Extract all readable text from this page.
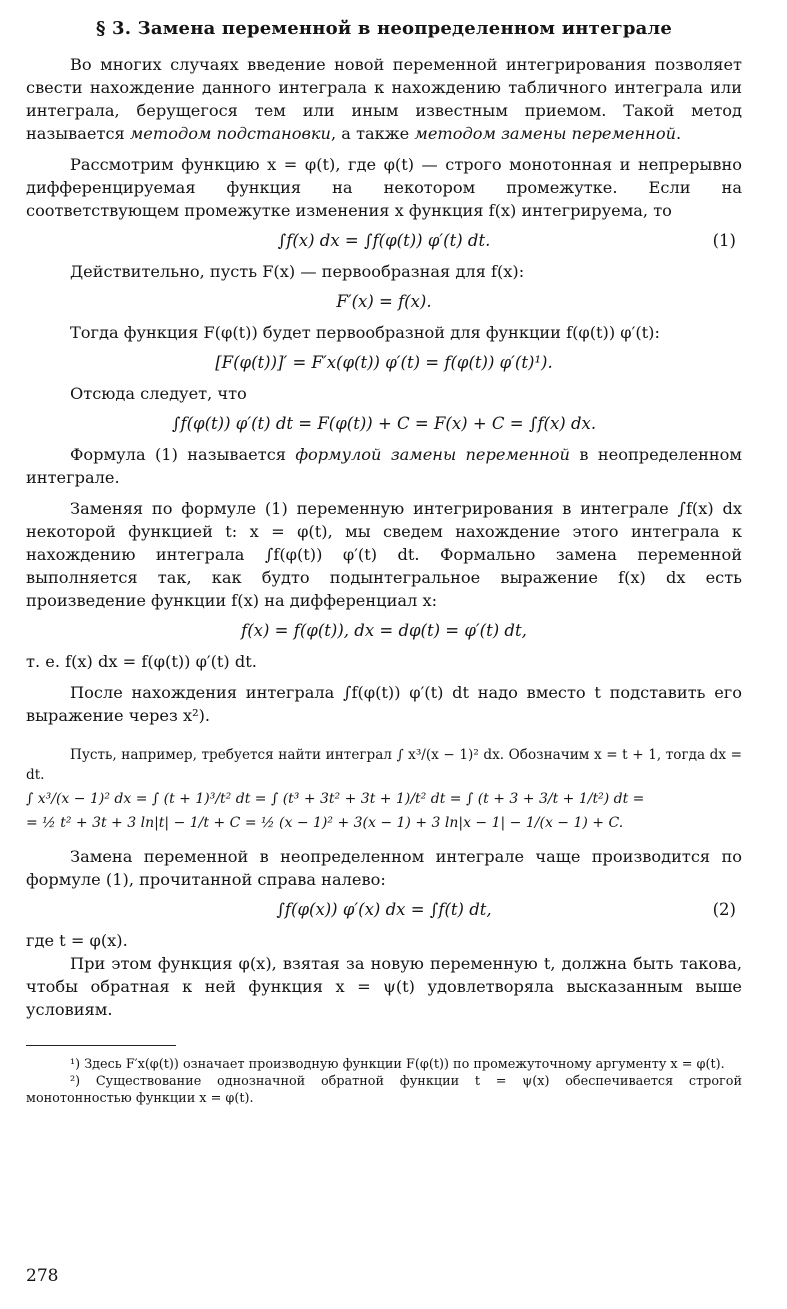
§ 3. Замена переменной в неопределенном интеграле

Во многих случаях введение новой переменной интегрирования позволяет свести нахождение данного интеграла к нахождению табличного интеграла или интеграла, берущегося тем или иным известным приемом. Такой метод называется методом подстановки, а также методом замены переменной.

Рассмотрим функцию x = φ(t), где φ(t) — строго монотонная и непрерывно дифференцируемая функция на некотором промежутке. Если на соответствующем промежутке изменения x функция f(x) интегрируема, то

∫f(x) dx = ∫f(φ(t)) φ′(t) dt.	(1)

Действительно, пусть F(x) — первообразная для f(x):

F′(x) = f(x).

Тогда функция F(φ(t)) будет первообразной для функции f(φ(t)) φ′(t):

[F(φ(t))]′ = F′x(φ(t)) φ′(t) = f(φ(t)) φ′(t)¹).

Отсюда следует, что

∫f(φ(t)) φ′(t) dt = F(φ(t)) + C = F(x) + C = ∫f(x) dx.

Формула (1) называется формулой замены переменной в неопределенном интеграле.

Заменяя по формуле (1) переменную интегрирования в интеграле ∫f(x) dx некоторой функцией t: x = φ(t), мы сведем нахождение этого интеграла к нахождению интеграла ∫f(φ(t)) φ′(t) dt. Формально замена переменной выполняется так, как будто подынтегральное выражение f(x) dx есть произведение функции f(x) на дифференциал x:

f(x) = f(φ(t)), dx = dφ(t) = φ′(t) dt,

т. е. f(x) dx = f(φ(t)) φ′(t) dt.

После нахождения интеграла ∫f(φ(t)) φ′(t) dt надо вместо t подставить его выражение через x²).

Пусть, например, требуется найти интеграл ∫ x³/(x − 1)² dx. Обозначим x = t + 1, тогда dx = dt.

∫ x³/(x − 1)² dx = ∫ (t + 1)³/t² dt = ∫ (t³ + 3t² + 3t + 1)/t² dt = ∫ (t + 3 + 3/t + 1/t²) dt =
= ½ t² + 3t + 3 ln|t| − 1/t + C = ½ (x − 1)² + 3(x − 1) + 3 ln|x − 1| − 1/(x − 1) + C.

Замена переменной в неопределенном интеграле чаще производится по формуле (1), прочитанной справа налево:

∫f(φ(x)) φ′(x) dx = ∫f(t) dt,	(2)

где t = φ(x).

При этом функция φ(x), взятая за новую переменную t, должна быть такова, чтобы обратная к ней функция x = ψ(t) удовлетворяла высказанным выше условиям.

¹) Здесь F′x(φ(t)) означает производную функции F(φ(t)) по промежуточному аргументу x = φ(t).

²) Существование однозначной обратной функции t = ψ(x) обеспечивается строгой монотонностью функции x = φ(t).

278
